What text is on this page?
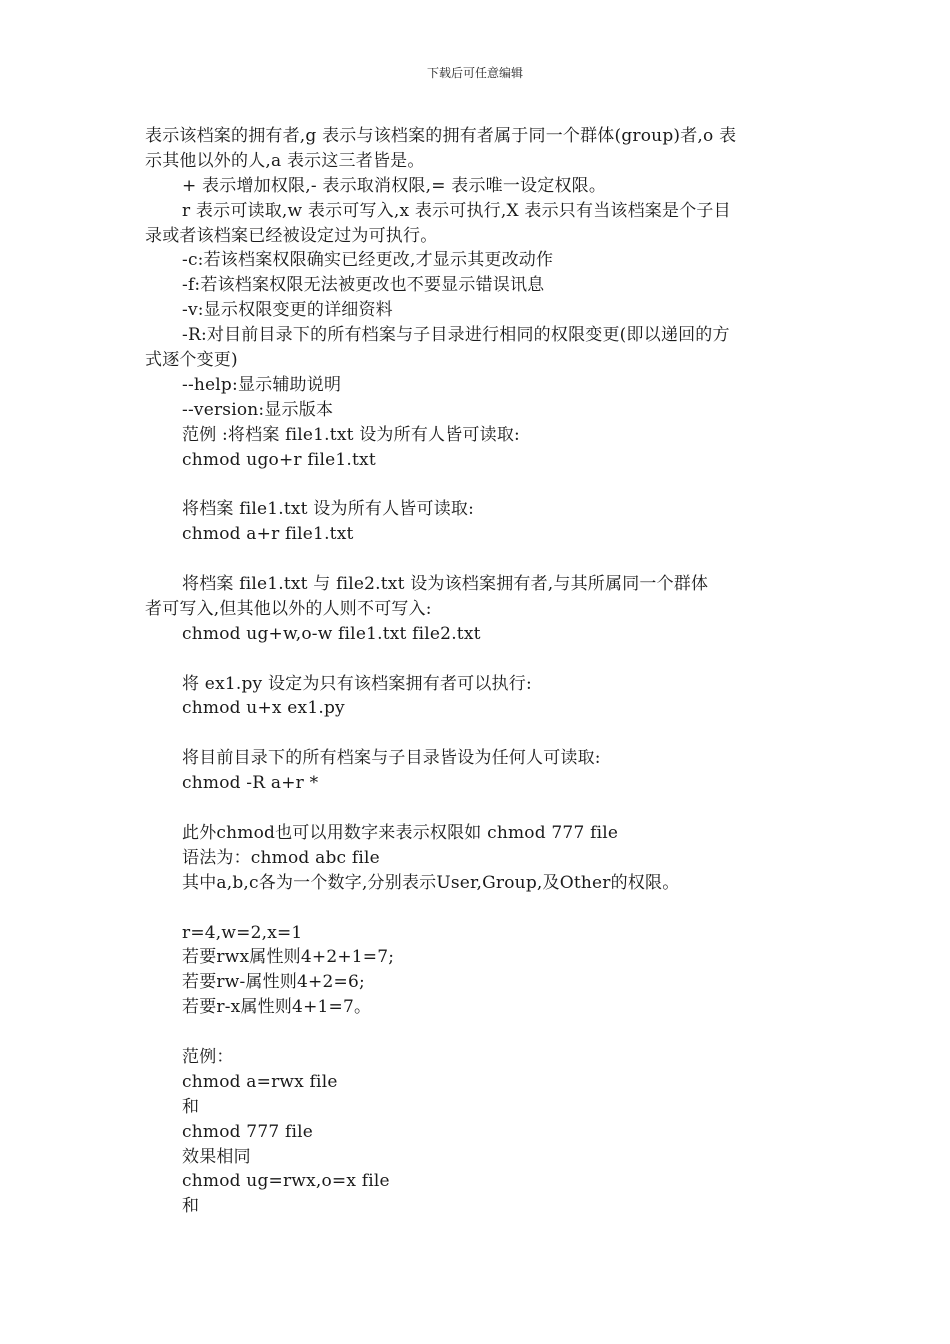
下载后可任意编辑
表示该档案的拥有者,g 表示与该档案的拥有者属于同一个群体(group)者,o 表
示其他以外的人,a 表示这三者皆是。
+ 表示增加权限,- 表示取消权限,= 表示唯一设定权限。
r 表示可读取,w 表示可写入,x 表示可执行,X 表示只有当该档案是个子目
录或者该档案已经被设定过为可执行。
-c:若该档案权限确实已经更改,才显示其更改动作
-f:若该档案权限无法被更改也不要显示错误讯息
-v:显示权限变更的详细资料
-R:对目前目录下的所有档案与子目录进行相同的权限变更(即以递回的方
式逐个变更)
--help:显示辅助说明
--version:显示版本
范例 :将档案 file1.txt 设为所有人皆可读取:
chmod ugo+r file1.txt
将档案 file1.txt 设为所有人皆可读取:
chmod a+r file1.txt
将档案 file1.txt 与 file2.txt 设为该档案拥有者,与其所属同一个群体
者可写入,但其他以外的人则不可写入:
chmod ug+w,o-w file1.txt file2.txt
将 ex1.py 设定为只有该档案拥有者可以执行:
chmod u+x ex1.py
将目前目录下的所有档案与子目录皆设为任何人可读取:
chmod -R a+r *
此外chmod也可以用数字来表示权限如 chmod 777 file
语法为：chmod abc file
其中a,b,c各为一个数字,分别表示User,Group,及Other的权限。
r=4,w=2,x=1
若要rwx属性则4+2+1=7;
若要rw-属性则4+2=6;
若要r-x属性则4+1=7。
范例：
chmod a=rwx file
和
chmod 777 file
效果相同
chmod ug=rwx,o=x file
和
